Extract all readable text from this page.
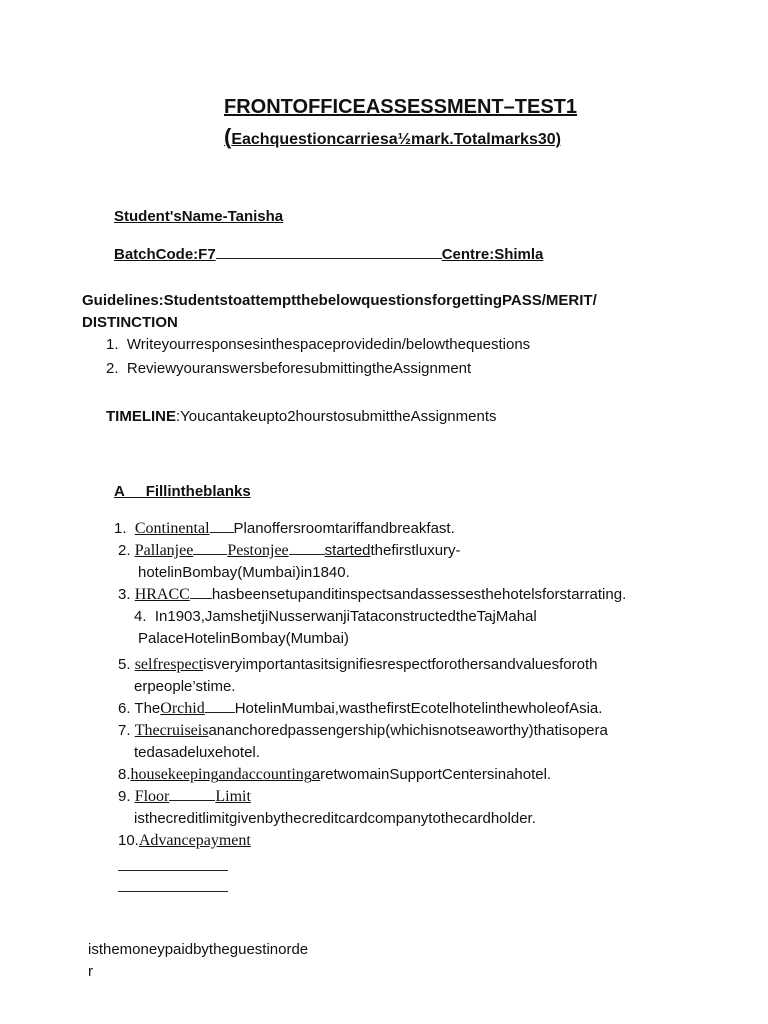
FRONTOFFICEASSESSMENT–TEST1
(Eachquestioncarriesa½mark.Totalmarks30)
Student'sName-Tanisha
BatchCode:F7	Centre:Shimla
Guidelines:StudentstoattemptthebelowquestionsforgettingPASS/MERIT/
DISTINCTION
1. Writeyourresponsesinthespaceprovidedin/belowthequestions
2. ReviewyouranswersbeforesubmittingtheAssignment
TIMELINE:Youcantakeupto2hourstosubmittheAssignments
A Fillintheblanks
1. Continental Planoffersroomtariffandbreakfast.
2. Pallanjee Pestonjee startedthefirstluxury-
hotelinBombay(Mumbai)in1840.
3. HRACC hasbeensetupanditinspectsandassessesthehotelsforstarrating.
4. In1903,JamshetjiNusserwanjiTataconstructedtheTajMahal
PalaceHotelinBombay(Mumbai)
5. selfrespectisveryimportantasitsignifiesrespectforothersandvaluesforoth
erpeople’stime.
6. TheOrchid HotelinMumbai,wasthefirstEcotelhotelinthewholeofAsia.
7. Thecruiseisananchoredpassengership(whichisnotseaworthy)thatisopera
tedasadeluxehotel.
8.housekeepingandaccountingaretwomainSupportCentersinahotel.
9. Floor	Limit
isthecreditlimitgivenbythecreditcardcompanytothecardholder.
10.Advancepayment
isthemoneypaidbytheguestinorde
r
